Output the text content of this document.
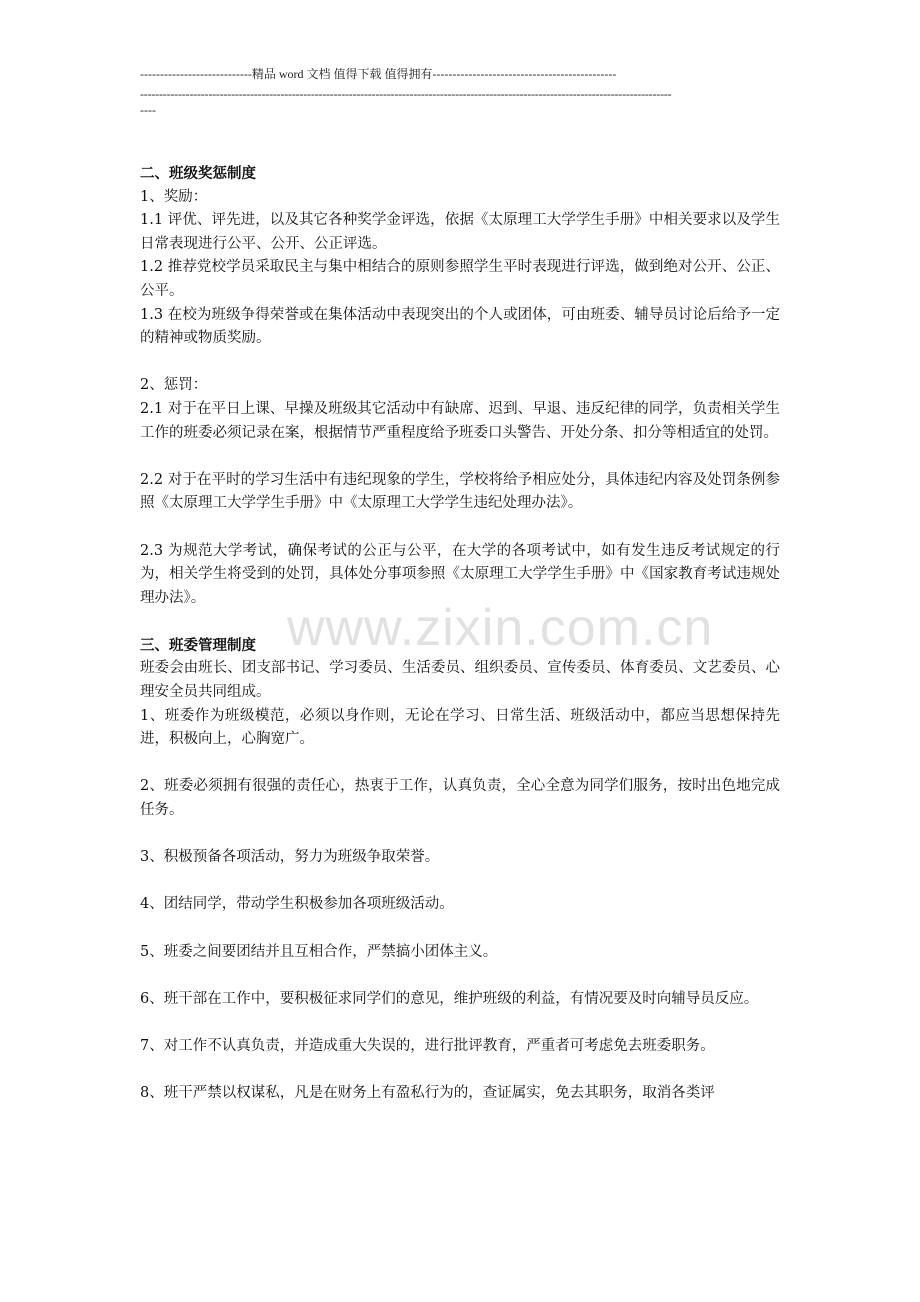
----------------------------精品 word 文档 值得下载 值得拥有----------------------------------------------
--------------------------------------------------------------------------------------------------------------------------------------------
----
二、班级奖惩制度

1、奖励：

1.1 评优、评先进，以及其它各种奖学金评选，依据《太原理工大学学生手册》中相关要求以及学生日常表现进行公平、公开、公正评选。

1.2 推荐党校学员采取民主与集中相结合的原则参照学生平时表现进行评选，做到绝对公开、公正、公平。

1.3 在校为班级争得荣誉或在集体活动中表现突出的个人或团体，可由班委、辅导员讨论后给予一定的精神或物质奖励。

2、惩罚：

2.1 对于在平日上课、早操及班级其它活动中有缺席、迟到、早退、违反纪律的同学，负责相关学生工作的班委必须记录在案，根据情节严重程度给予班委口头警告、开处分条、扣分等相适宜的处罚。

2.2 对于在平时的学习生活中有违纪现象的学生，学校将给予相应处分，具体违纪内容及处罚条例参照《太原理工大学学生手册》中《太原理工大学学生违纪处理办法》。

2.3 为规范大学考试，确保考试的公正与公平，在大学的各项考试中，如有发生违反考试规定的行为，相关学生将受到的处罚，具体处分事项参照《太原理工大学学生手册》中《国家教育考试违规处理办法》。

三、班委管理制度

班委会由班长、团支部书记、学习委员、生活委员、组织委员、宣传委员、体育委员、文艺委员、心理安全员共同组成。

1、班委作为班级模范，必须以身作则，无论在学习、日常生活、班级活动中，都应当思想保持先进，积极向上，心胸宽广。

2、班委必须拥有很强的责任心，热衷于工作，认真负责，全心全意为同学们服务，按时出色地完成任务。

3、积极预备各项活动，努力为班级争取荣誉。

4、团结同学，带动学生积极参加各项班级活动。

5、班委之间要团结并且互相合作，严禁搞小团体主义。

6、班干部在工作中，要积极征求同学们的意见，维护班级的利益，有情况要及时向辅导员反应。

7、对工作不认真负责，并造成重大失误的，进行批评教育，严重者可考虑免去班委职务。

8、班干严禁以权谋私，凡是在财务上有盈私行为的，查证属实，免去其职务，取消各类评

www.zixin.com.cn
